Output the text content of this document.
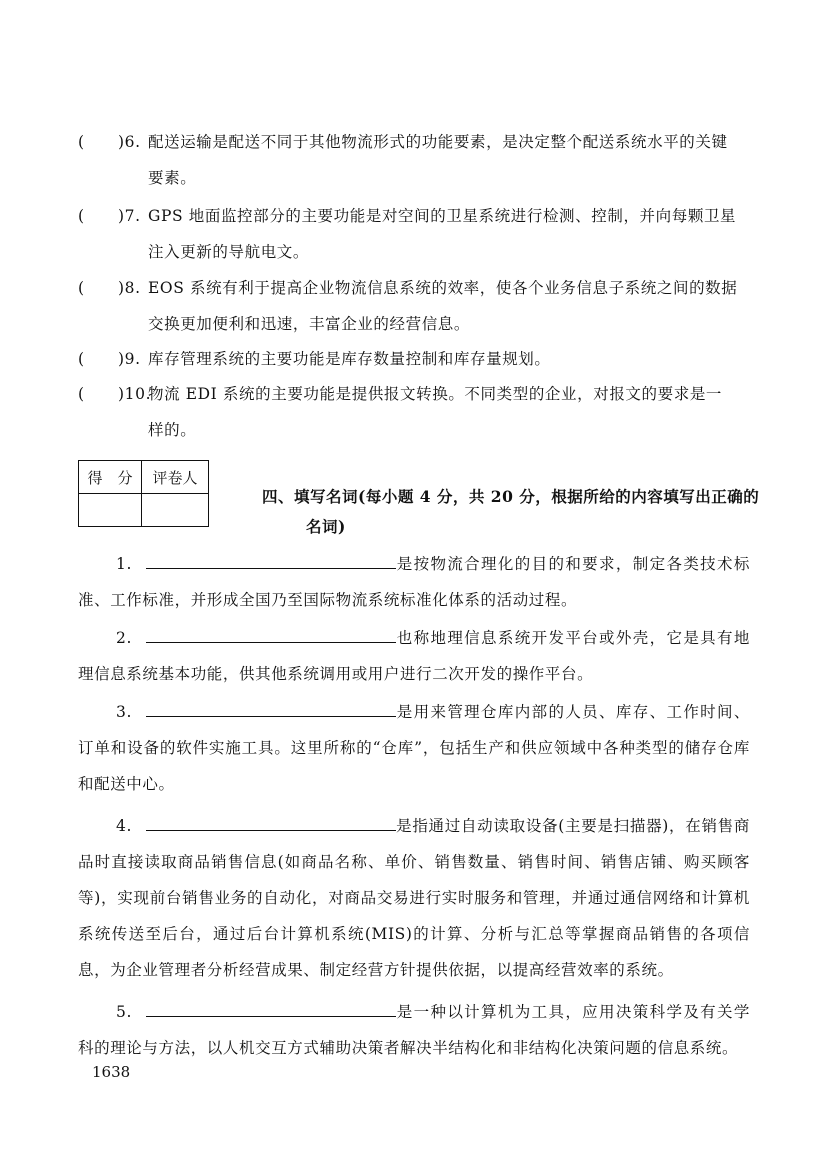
( )6. 配送运输是配送不同于其他物流形式的功能要素，是决定整个配送系统水平的关键
要素。
( )7. GPS 地面监控部分的主要功能是对空间的卫星系统进行检测、控制，并向每颗卫星
注入更新的导航电文。
( )8. EOS 系统有利于提高企业物流信息系统的效率，使各个业务信息子系统之间的数据
交换更加便利和迅速，丰富企业的经营信息。
( )9. 库存管理系统的主要功能是库存数量控制和库存量规划。
( )10.
物流 EDI 系统的主要功能是提供报文转换。不同类型的企业，对报文的要求是一
样的。
得　分	评卷人

四、填写名词(每小题 4 分，共 20 分，根据所给的内容填写出正确的
名词)
1.	是按物流合理化的目的和要求，制定各类技术标准、工作标准，并形成全国乃至国际物流系统标准化体系的活动过程。
2.	也称地理信息系统开发平台或外壳，它是具有地理信息系统基本功能，供其他系统调用或用户进行二次开发的操作平台。
3.	是用来管理仓库内部的人员、库存、工作时间、订单和设备的软件实施工具。这里所称的“仓库”，包括生产和供应领域中各种类型的储存仓库和配送中心。
4.	是指通过自动读取设备(主要是扫描器)，在销售商品时直接读取商品销售信息(如商品名称、单价、销售数量、销售时间、销售店铺、购买顾客等)，实现前台销售业务的自动化，对商品交易进行实时服务和管理，并通过通信网络和计算机系统传送至后台，通过后台计算机系统(MIS)的计算、分析与汇总等掌握商品销售的各项信息，为企业管理者分析经营成果、制定经营方针提供依据，以提高经营效率的系统。
5.	是一种以计算机为工具，应用决策科学及有关学科的理论与方法，以人机交互方式辅助决策者解决半结构化和非结构化决策问题的信息系统。
1638
